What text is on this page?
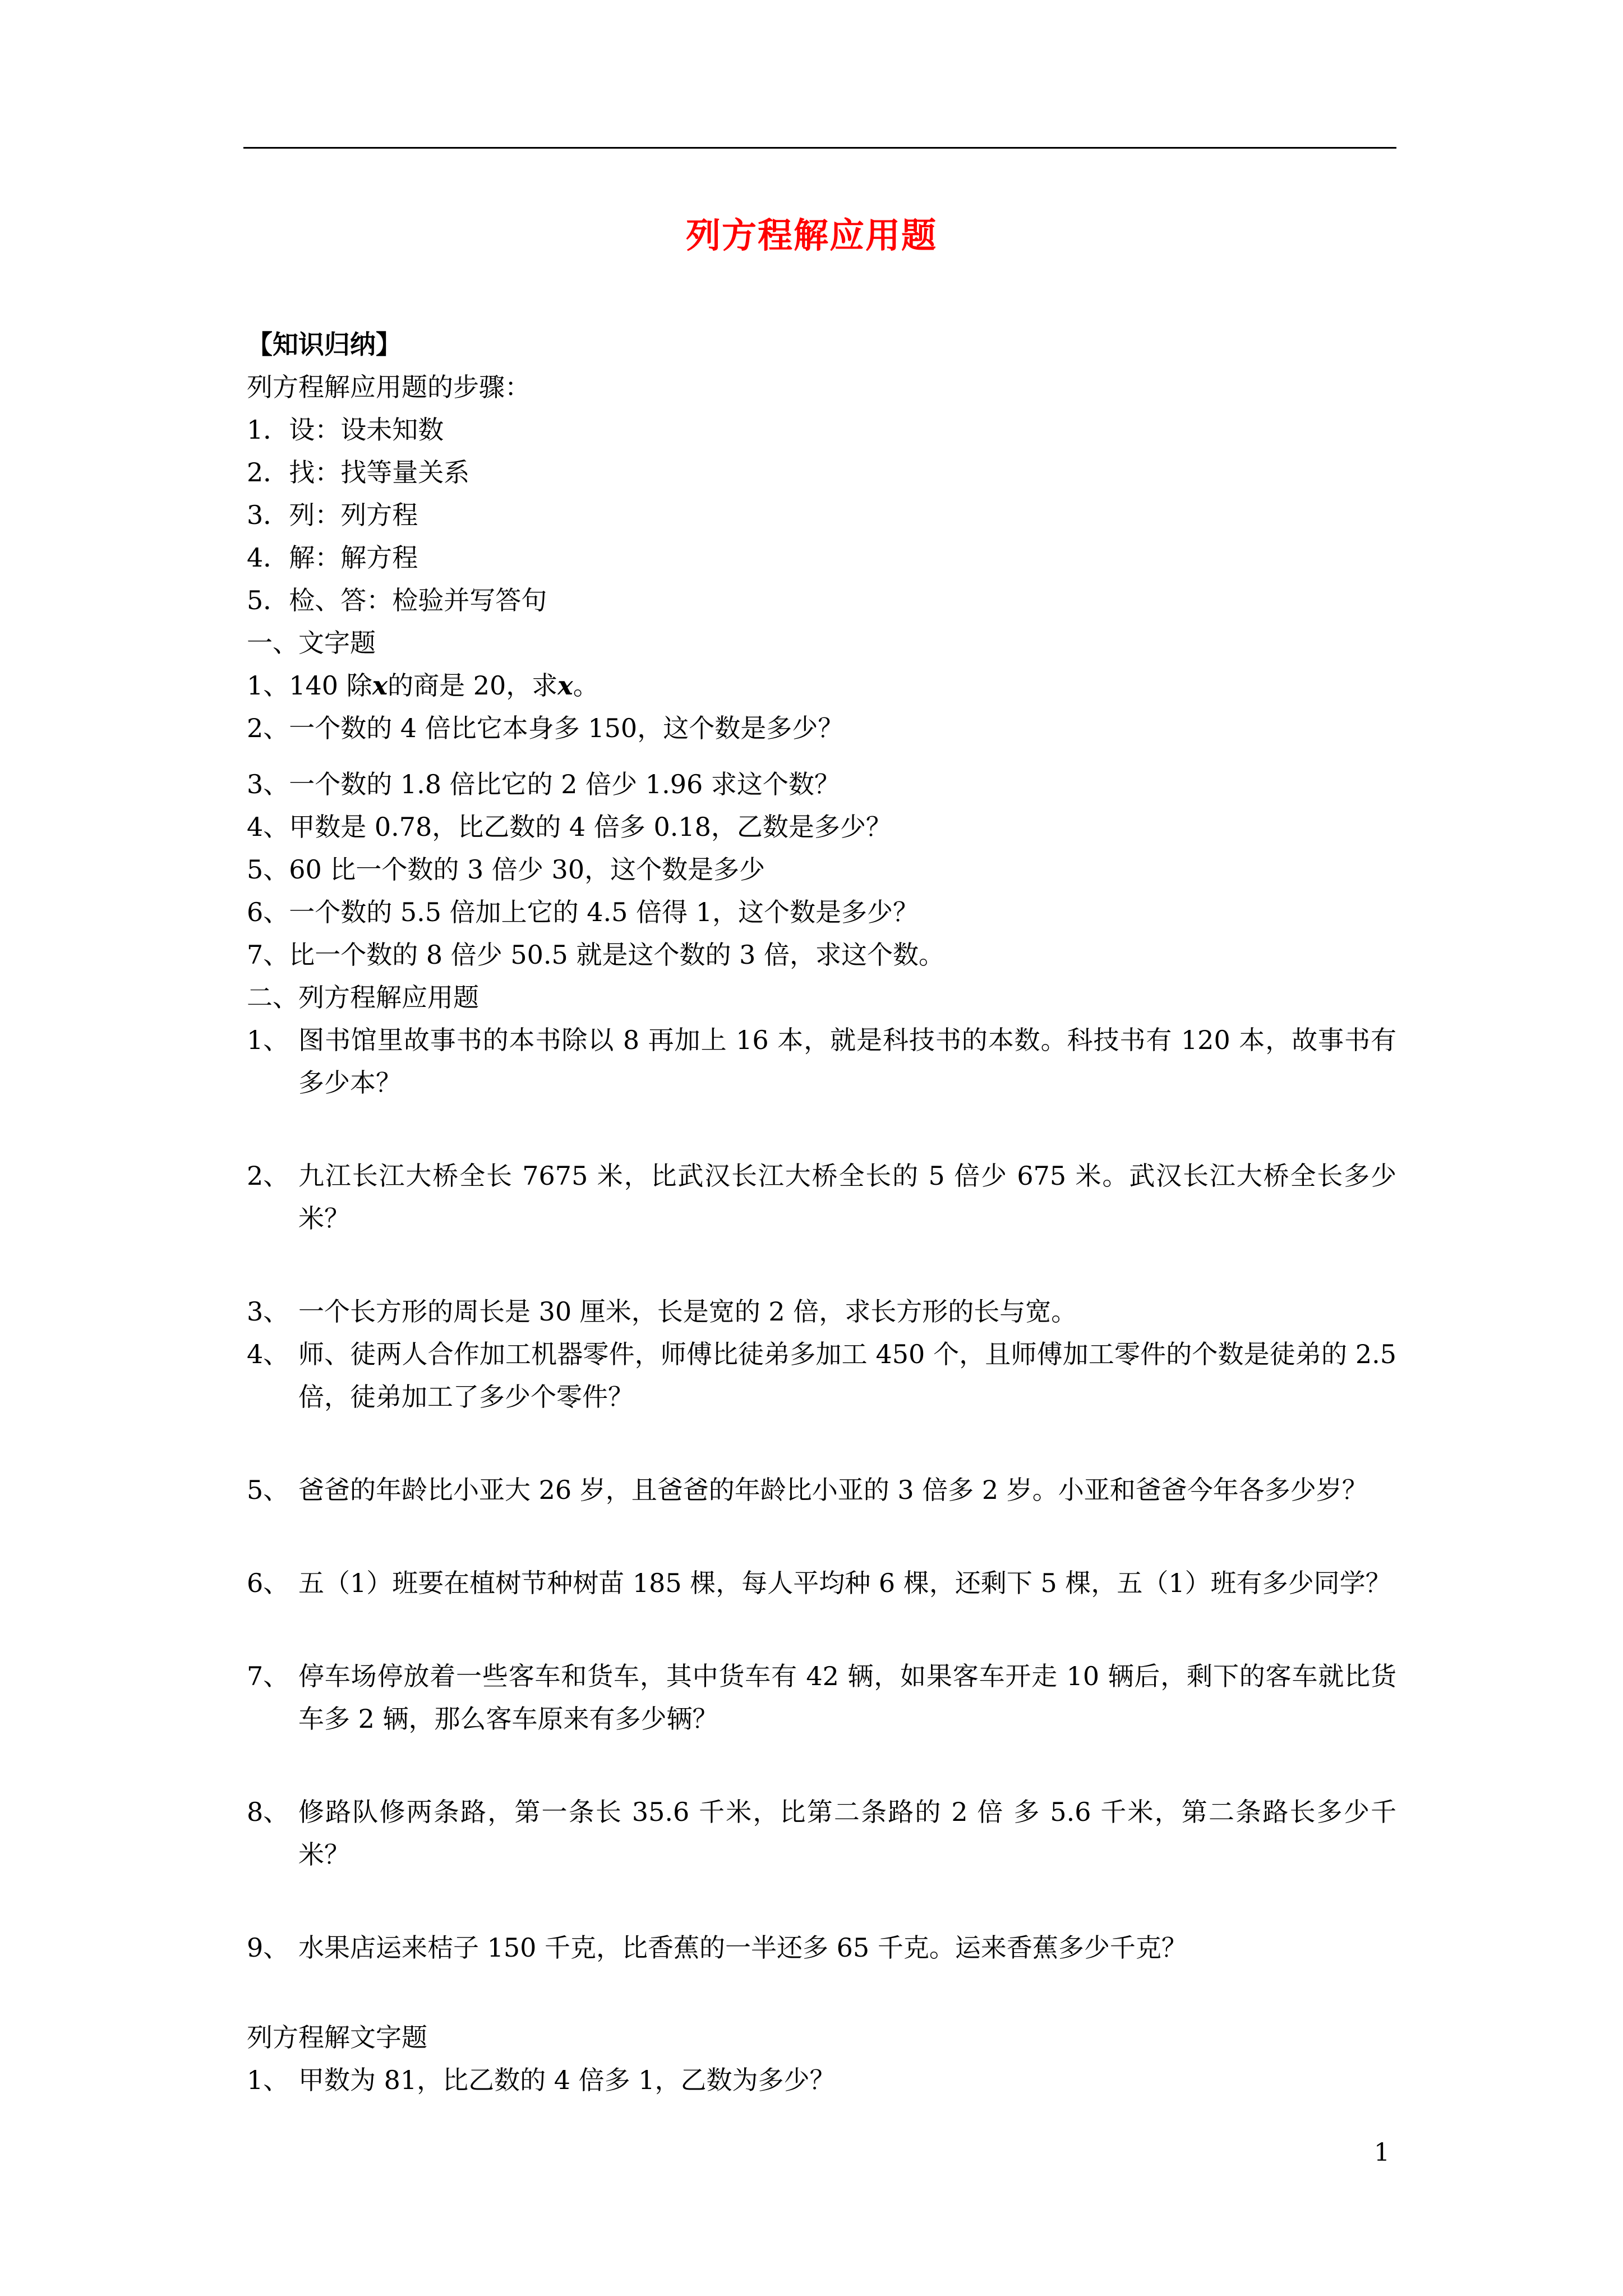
列方程解应用题
【知识归纳】
列方程解应用题的步骤：
1．设：设未知数
2．找：找等量关系
3．列：列方程
4．解：解方程
5．检、答：检验并写答句
一、文字题
1、140 除x的商是 20，求x。
2、一个数的 4 倍比它本身多 150，这个数是多少？
3、一个数的 1.8 倍比它的 2 倍少 1.96 求这个数？
4、甲数是 0.78，比乙数的 4 倍多 0.18，乙数是多少？
5、60 比一个数的 3 倍少 30，这个数是多少
6、一个数的 5.5 倍加上它的 4.5 倍得 1，这个数是多少？
7、比一个数的 8 倍少 50.5 就是这个数的 3 倍，求这个数。
二、列方程解应用题
1、 图书馆里故事书的本书除以 8 再加上 16 本，就是科技书的本数。科技书有 120 本，故事书有多少本？
2、 九江长江大桥全长 7675 米，比武汉长江大桥全长的 5 倍少 675 米。武汉长江大桥全长多少米？
3、 一个长方形的周长是 30 厘米，长是宽的 2 倍，求长方形的长与宽。
4、 师、徒两人合作加工机器零件，师傅比徒弟多加工 450 个，且师傅加工零件的个数是徒弟的 2.5 倍，徒弟加工了多少个零件？
5、 爸爸的年龄比小亚大 26 岁，且爸爸的年龄比小亚的 3 倍多 2 岁。小亚和爸爸今年各多少岁？
6、 五（1）班要在植树节种树苗 185 棵，每人平均种 6 棵，还剩下 5 棵，五（1）班有多少同学？
7、 停车场停放着一些客车和货车，其中货车有 42 辆，如果客车开走 10 辆后，剩下的客车就比货车多 2 辆，那么客车原来有多少辆？
8、 修路队修两条路，第一条长 35.6 千米，比第二条路的 2 倍 多 5.6 千米，第二条路长多少千米？
9、 水果店运来桔子 150 千克，比香蕉的一半还多 65 千克。运来香蕉多少千克？
列方程解文字题
1、 甲数为 81，比乙数的 4 倍多 1，乙数为多少？
1
